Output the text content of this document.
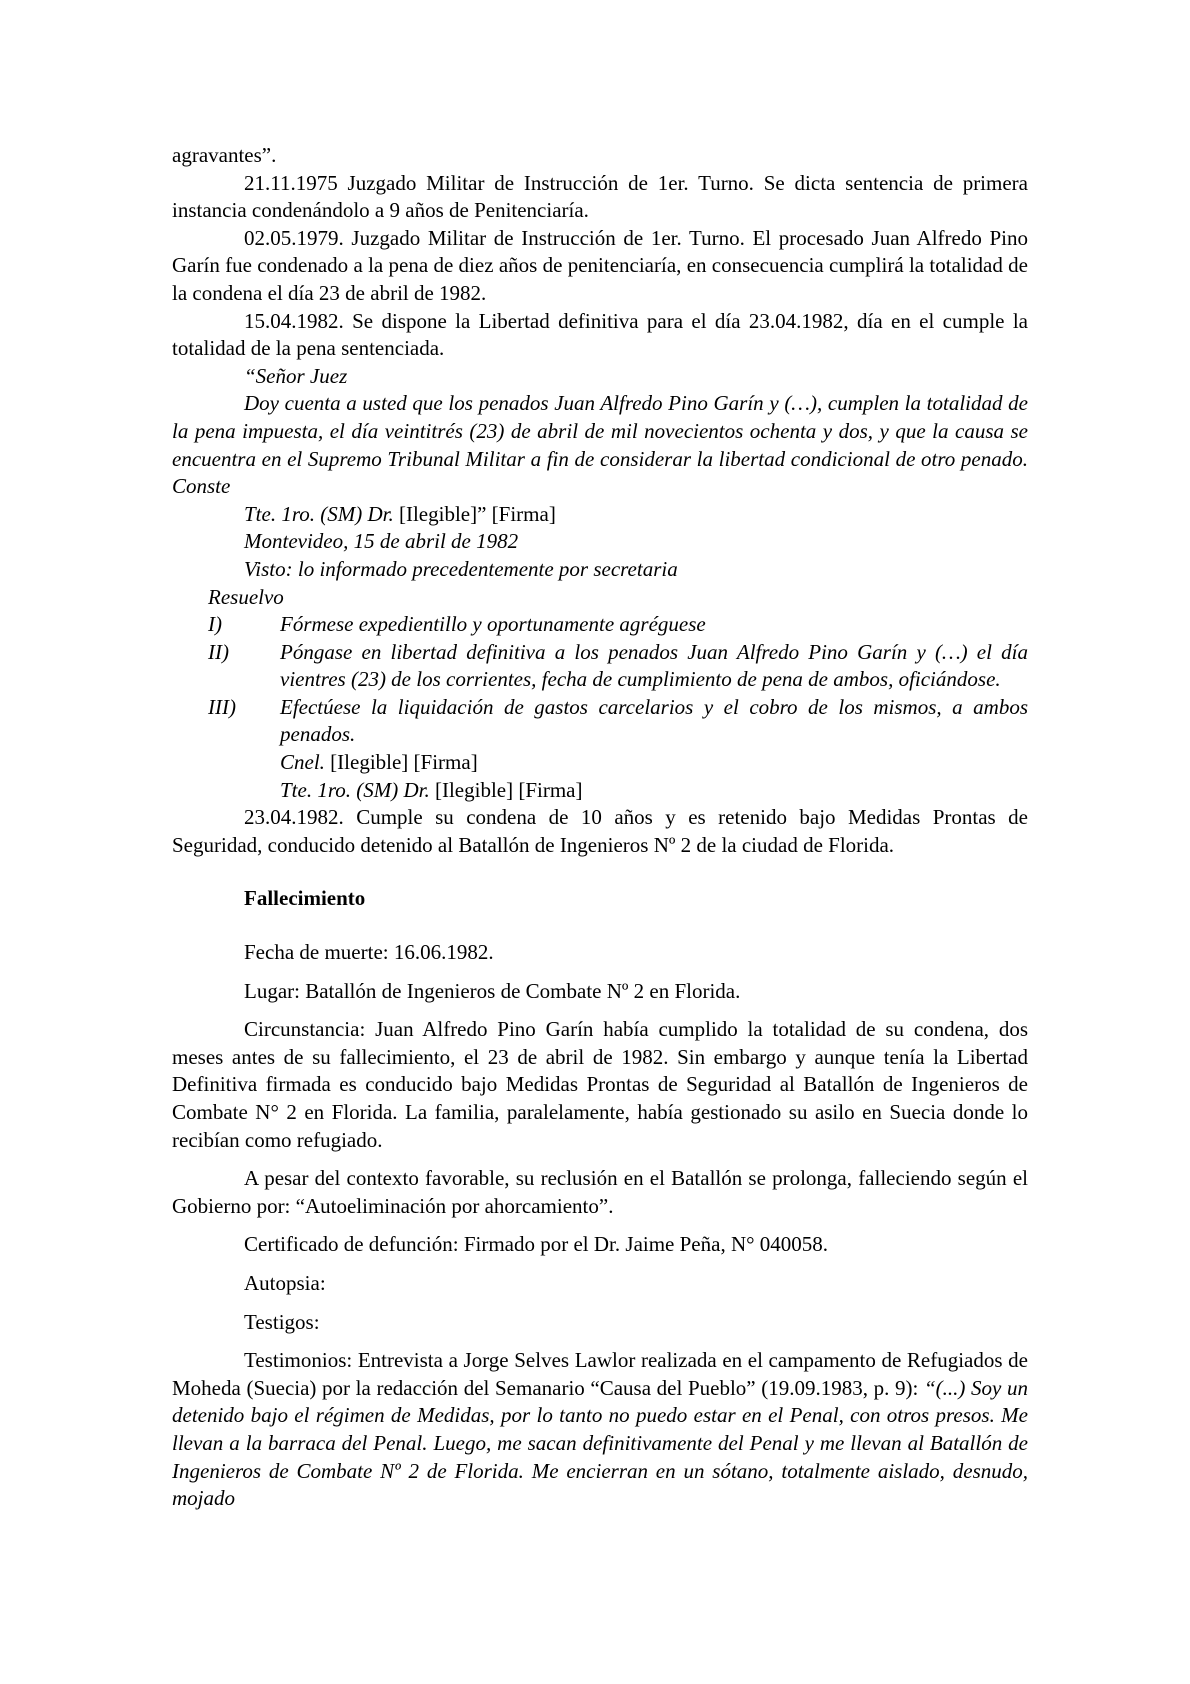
agravantes”.

21.11.1975 Juzgado Militar de Instrucción de 1er. Turno. Se dicta sentencia de primera instancia condenándolo a 9 años de Penitenciaría.

02.05.1979. Juzgado Militar de Instrucción de 1er. Turno. El procesado Juan Alfredo Pino Garín fue condenado a la pena de diez años de penitenciaría, en consecuencia cumplirá la totalidad de la condena el día 23 de abril de 1982.

15.04.1982. Se dispone la Libertad definitiva para el día 23.04.1982, día en el cumple la totalidad de la pena sentenciada.

“Señor Juez

Doy cuenta a usted que los penados Juan Alfredo Pino Garín y (…), cumplen la totalidad de la pena impuesta, el día veintitrés (23) de abril de mil novecientos ochenta y dos, y que la causa se encuentra en el Supremo Tribunal Militar a fin de considerar la libertad condicional de otro penado. Conste

Tte. 1ro. (SM) Dr. [Ilegible]” [Firma]

Montevideo, 15 de abril de 1982

Visto: lo informado precedentemente por secretaria

Resuelvo

I)	Fórmese expedientillo y oportunamente agréguese
II)	Póngase en libertad definitiva a los penados Juan Alfredo Pino Garín y (…) el día vientres (23) de los corrientes, fecha de cumplimiento de pena de ambos, oficiándose.
III)	Efectúese la liquidación de gastos carcelarios y el cobro de los mismos, a ambos penados.

Cnel. [Ilegible] [Firma]

Tte. 1ro. (SM) Dr. [Ilegible] [Firma]

23.04.1982. Cumple su condena de 10 años y es retenido bajo Medidas Prontas de Seguridad, conducido detenido al Batallón de Ingenieros Nº 2 de la ciudad de Florida.

Fallecimiento

Fecha de muerte: 16.06.1982.

Lugar: Batallón de Ingenieros de Combate Nº 2 en Florida.

Circunstancia: Juan Alfredo Pino Garín había cumplido la totalidad de su condena, dos meses antes de su fallecimiento, el 23 de abril de 1982. Sin embargo y aunque tenía la Libertad Definitiva firmada es conducido bajo Medidas Prontas de Seguridad al Batallón de Ingenieros de Combate N° 2 en Florida. La familia, paralelamente, había gestionado su asilo en Suecia donde lo recibían como refugiado.

A pesar del contexto favorable, su reclusión en el Batallón se prolonga, falleciendo según el Gobierno por: “Autoeliminación por ahorcamiento”.

Certificado de defunción: Firmado por el Dr. Jaime Peña, N° 040058.

Autopsia:

Testigos:

Testimonios: Entrevista a Jorge Selves Lawlor realizada en el campamento de Refugiados de Moheda (Suecia) por la redacción del Semanario “Causa del Pueblo” (19.09.1983, p. 9): “(...) Soy un detenido bajo el régimen de Medidas, por lo tanto no puedo estar en el Penal, con otros presos. Me llevan a la barraca del Penal. Luego, me sacan definitivamente del Penal y me llevan al Batallón de Ingenieros de Combate Nº 2 de Florida. Me encierran en un sótano, totalmente aislado, desnudo, mojado
